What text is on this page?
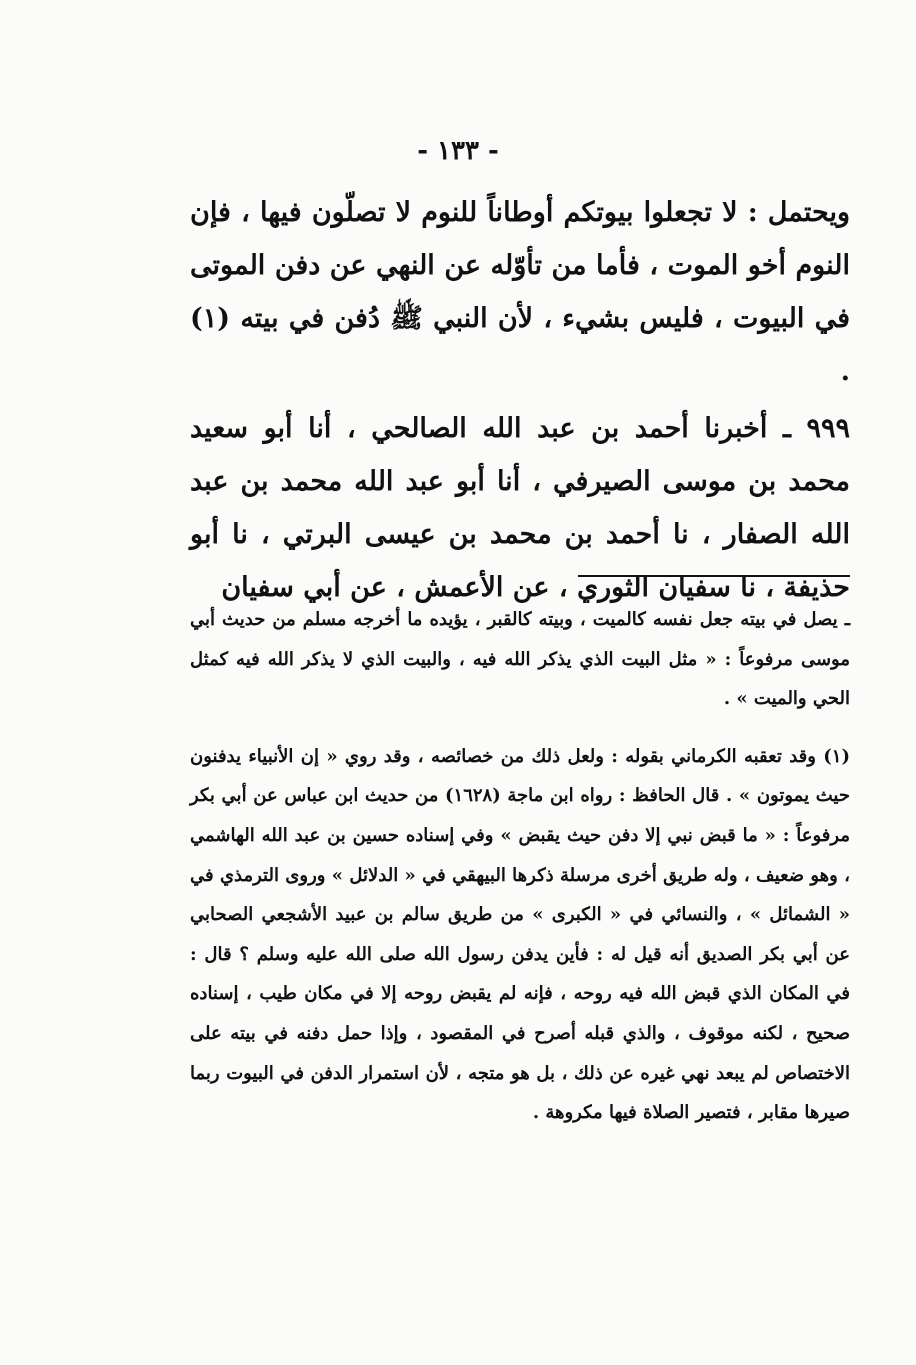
- ١٣٣ -

ويحتمل : لا تجعلوا بيوتكم أوطاناً للنوم لا تصلّون فيها ، فإن النوم أخو الموت ، فأما من تأوّله عن النهي عن دفن الموتى في البيوت ، فليس بشيء ، لأن النبي ﷺ دُفن في بيته (١) .

٩٩٩ ـ أخبرنا أحمد بن عبد الله الصالحي ، أنا أبو سعيد محمد بن موسى الصيرفي ، أنا أبو عبد الله محمد بن عبد الله الصفار ، نا أحمد بن محمد بن عيسى البرتي ، نا أبو حذيفة ، نا سفيان الثوري ، عن الأعمش ، عن أبي سفيان

ـ يصل في بيته جعل نفسه كالميت ، وبيته كالقبر ، يؤيده ما أخرجه مسلم من حديث أبي موسى مرفوعاً : « مثل البيت الذي يذكر الله فيه ، والبيت الذي لا يذكر الله فيه كمثل الحي والميت » .

(١) وقد تعقبه الكرماني بقوله : ولعل ذلك من خصائصه ، وقد روي « إن الأنبياء يدفنون حيث يموتون » . قال الحافظ : رواه ابن ماجة (١٦٢٨) من حديث ابن عباس عن أبي بكر مرفوعاً : « ما قبض نبي إلا دفن حيث يقبض » وفي إسناده حسين بن عبد الله الهاشمي ، وهو ضعيف ، وله طريق أخرى مرسلة ذكرها البيهقي في « الدلائل » وروى الترمذي في « الشمائل » ، والنسائي في « الكبرى » من طريق سالم بن عبيد الأشجعي الصحابي عن أبي بكر الصديق أنه قيل له : فأين يدفن رسول الله صلى الله عليه وسلم ؟ قال : في المكان الذي قبض الله فيه روحه ، فإنه لم يقبض روحه إلا في مكان طيب ، إسناده صحيح ، لكنه موقوف ، والذي قبله أصرح في المقصود ، وإذا حمل دفنه في بيته على الاختصاص لم يبعد نهي غيره عن ذلك ، بل هو متجه ، لأن استمرار الدفن في البيوت ربما صيرها مقابر ، فتصير الصلاة فيها مكروهة .
